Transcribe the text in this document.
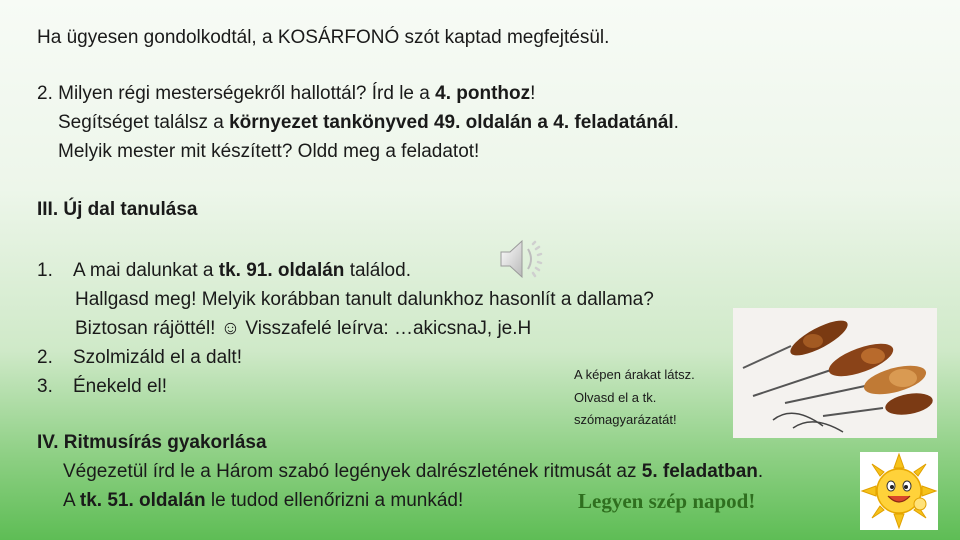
Ha ügyesen gondolkodtál, a KOSÁRFONÓ szót kaptad megfejtésül.
2. Milyen régi mesterségekről hallottál? Írd le a 4. ponthoz!
Segítséget találsz a környezet tankönyved 49. oldalán a 4. feladatánál.
Melyik mester mit készített? Oldd meg a feladatot!
III. Új dal tanulása
1. A mai dalunkat a tk. 91. oldalán találod.
Hallgasd meg! Melyik korábban tanult dalunkhoz hasonlít a dallama?
Biztosan rájöttél! ☺ Visszafelé leírva: …akicsnaJ, je.H
2. Szolmizáld el a dalt!
3. Énekeld el!
A képen árakat látsz.
Olvasd el a tk.
szómagyarázatát!
IV. Ritmusírás gyakorlása
Végezetül írd le a Három szabó legények dalrészletének ritmusát az 5. feladatban.
A tk. 51. oldalán le tudod ellenőrizni a munkád!	Legyen szép napod!
